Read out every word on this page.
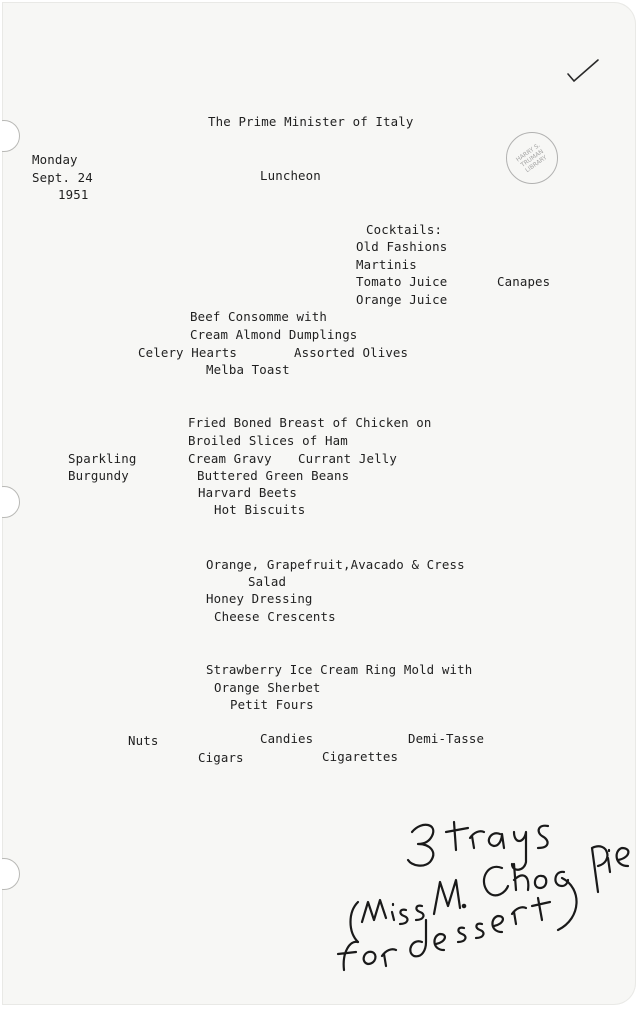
HARRY S. TRUMAN LIBRARY
The Prime Minister of Italy
Monday
Sept. 24
1951
Luncheon
Cocktails:
Old Fashions
Martinis
Tomato Juice
Orange Juice
Canapes
Beef Consomme with
Cream Almond Dumplings
Celery Hearts	Assorted Olives
Melba Toast
Fried Boned Breast of Chicken on
Broiled Slices of Ham
Sparkling	Cream Gravy Currant Jelly
Burgundy	Buttered Green Beans
Harvard Beets
Hot Biscuits
Orange, Grapefruit,Avacado & Cress
Salad
Honey Dressing
Cheese Crescents
Strawberry Ice Cream Ring Mold with
Orange Sherbet
Petit Fours
Nuts	Candies	Demi-Tasse
Cigars	Cigarettes
